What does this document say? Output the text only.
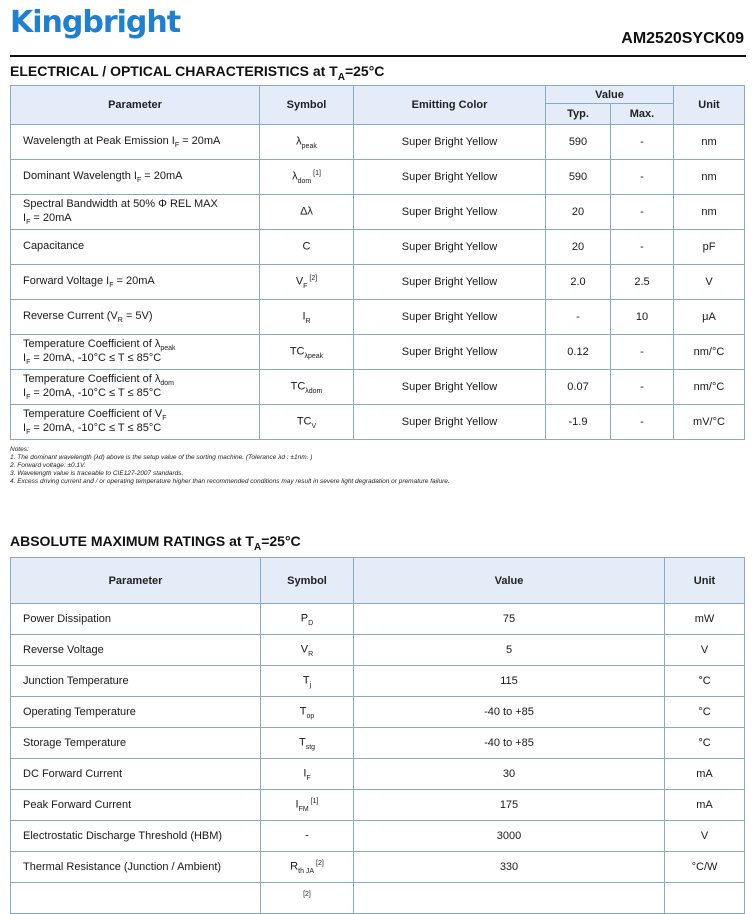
Kingbright	AM2520SYCK09
ELECTRICAL / OPTICAL CHARACTERISTICS at $T_A=25^\circ C$
Parameter	Symbol	Emitting Color	Value		Unit
			Typ.	Max.	

Wavelength at Peak Emission $I_F = 20mA$	$\lambda_{peak}$	Super Bright Yellow	590	-	nm

Dominant Wavelength $I_F = 20mA$	$\lambda_{dom}$ [1]	Super Bright Yellow	590	-	nm

Spectral Bandwidth at 50% Φ REL MAX
$I_F = 20mA$	Δλ	Super Bright Yellow	20	-	nm

Capacitance	C	Super Bright Yellow	20	-	pF

Forward Voltage $I_F = 20mA$	$V_F$ [2]	Super Bright Yellow	2.0	2.5	V

Reverse Current $(V_R = 5V)$	$I_R$	Super Bright Yellow	-	10	μA

Temperature Coefficient of $\lambda_{peak}$
$I_F = 20mA$, -10°C ≤ T ≤ 85°C	$TC_{\lambda peak}$	Super Bright Yellow	0.12	-	nm/°C

Temperature Coefficient of $\lambda_{dom}$
$I_F = 20mA$, -10°C ≤ T ≤ 85°C	$TC_{\lambda dom}$	Super Bright Yellow	0.07	-	nm/°C

Temperature Coefficient of $V_F$
$I_F = 20mA$, -10°C ≤ T ≤ 85°C	$TC_V$	Super Bright Yellow	-1.9	-	mV/°C
Notes:
1. The dominant wavelength (λd) above is the setup value of the sorting machine. (Tolerance λd : ±1nm. )
2. Forward voltage: ±0.1V.
3. Wavelength value is traceable to CIE127-2007 standards.
4. Excess driving current and / or operating temperature higher than recommended conditions may result in severe light degradation or premature failure.
ABSOLUTE MAXIMUM RATINGS at $T_A=25^\circ C$
Parameter	Symbol	Value	Unit
Power Dissipation	$P_D$	75	mW
Reverse Voltage	$V_R$	5	V
Junction Temperature	$T_j$	115	°C
Operating Temperature	$T_{op}$	-40 to +85	°C
Storage Temperature	$T_{stg}$	-40 to +85	°C
DC Forward Current	$I_F$	30	mA
Peak Forward Current	$I_{FM}$ [1]	175	mA
Electrostatic Discharge Threshold (HBM)	-	3000	V
Thermal Resistance (Junction / Ambient)	$R_{th JA}$ [2]	330	°C/W
	[2]		
